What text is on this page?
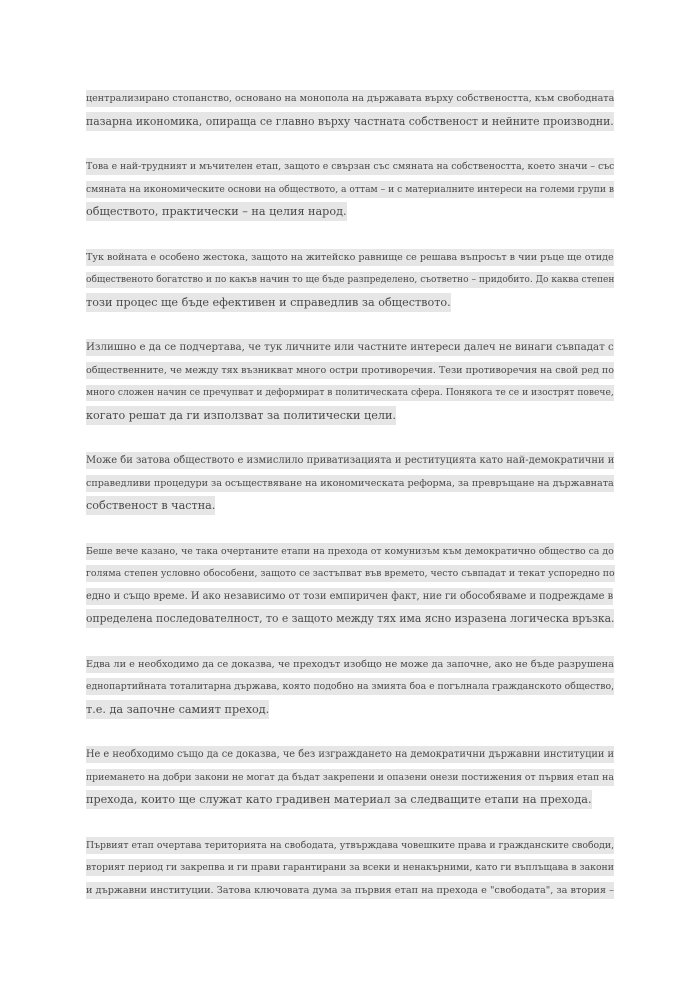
централизирано стопанство, основано на монопола на държавата върху собствеността, към свободната
пазарна икономика, опираща се главно върху частната собственост и нейните производни.

Това е най-трудният и мъчителен етап, защото е свързан със смяната на собствеността, което значи – със
смяната на икономическите основи на обществото, а оттам – и с материалните интереси на големи групи в
обществото, практически – на целия народ.

Тук войната е особено жестока, защото на житейско равнище се решава въпросът в чии ръце ще отиде
общественото богатство и по какъв начин то ще бъде разпределено, съответно – придобито. До каква степен
този процес ще бъде ефективен и справедлив за обществото.

Излишно е да се подчертава, че тук личните или частните интереси далеч не винаги съвпадат с
общественните, че между тях възникват много остри противоречия. Тези противоречия на свой ред по
много сложен начин се пречупват и деформират в политическата сфера. Понякога те се и изострят повече,
когато решат да ги използват за политически цели.

Може би затова обществото е измислило приватизацията и реституцията като най-демократични и
справедливи процедури за осъществяване на икономическата реформа, за превръщане на държавната
собственост в частна.

Беше вече казано, че така очертаните етапи на прехода от комунизъм към демократично общество са до
голяма степен условно обособени, защото се застъпват във времето, често съвпадат и текат успоредно по
едно и също време. И ако независимо от този емпиричен факт, ние ги обособяваме и подреждаме в
определена последователност, то е защото между тях има ясно изразена логическа връзка.

Едва ли е необходимо да се доказва, че преходът изобщо не може да започне, ако не бъде разрушена
еднопартийната тоталитарна държава, която подобно на змията боа е погълнала гражданското общество,
т.е. да започне самият преход.

Не е необходимо също да се доказва, че без изграждането на демократични държавни институции и
приемането на добри закони не могат да бъдат закрепени и опазени онези постижения от първия етап на
прехода, които ще служат като градивен материал за следващите етапи на прехода.

Първият етап очертава територията на свободата, утвърждава човешките права и гражданските свободи,
вторият период ги закрепва и ги прави гарантирани за всеки и ненакърними, като ги въплъщава в закони
и държавни институции. Затова ключовата дума за първия етап на прехода е "свободата", за втория –
